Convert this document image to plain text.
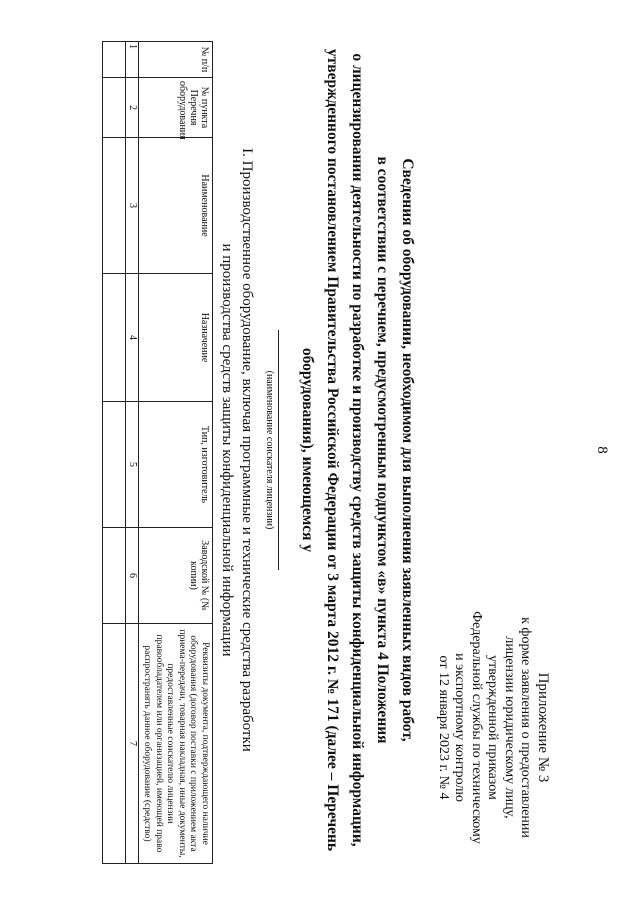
8
Приложение № 3
к форме заявления о предоставлении
лицензии юридическому лицу,
утвержденной приказом
Федеральной службы по техническому
и экспортному контролю
от 12 января 2023 г. № 4
Сведения об оборудовании, необходимом для выполнения заявленных видов работ,
в соответствии с перечнем, предусмотренным подпунктом «в» пункта 4 Положения
о лицензировании деятельности по разработке и производству средств защиты конфиденциальной информации,
утвержденного постановлением Правительства Российской Федерации от 3 марта 2012 г. № 171 (далее – Перечень
оборудования), имеющемся у
(наименование соискателя лицензии)
I. Производственное оборудование, включая программные и технические средства разработки
и производства средств защиты конфиденциальной информации
№ п/п	№ пункта Перечня оборудования	Наименование	Назначение	Тип, изготовитель	Заводской № (№ копии)	Реквизиты документа, подтверждающего наличие оборудования (договор поставки с приложением акта приема-передачи, товарная накладная, иные документы, предоставленные соискателю лицензии правообладателем или организацией, имеющей право распространять данное оборудование (средство)
1	2	3	4	5	6	7
